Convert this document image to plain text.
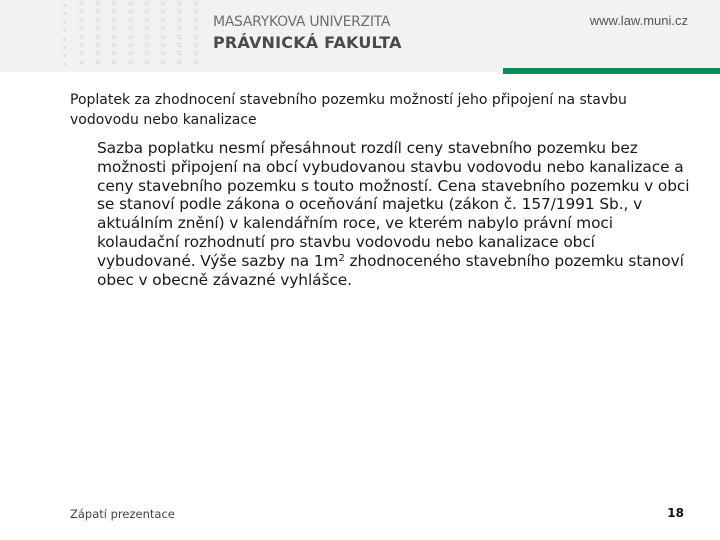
∘ ⸋ ⸋ ⸋ ⸋ ⸋ ⸋ ⸋ ⸋
∘ ⸋ ⸋ ⸋ ⸋ ⸋ ⸋ ⸋ ⸋
∘ ⸋ ⸋ ⸋ ⸋ ⸋ ⸋ ⸋ ⸋
∘ ⸋ ⸋ ⸋ ⸋ ⸋ ⸋ ⸋ ⸋
∘ ⸋ ⸋ ⸋ ⸋ ⸋ ⸋ ⸋ ⸋
∘ ⸋ ⸋ ⸋ ⸋ ⸋ ⸋ ⸋ ⸋
∘ ⸋ ⸋ ⸋ ⸋ ⸋ ⸋ ⸋ ⸋
∘ ⸋ ⸋ ⸋ ⸋ ⸋ ⸋ ⸋ ⸋
MASARYKOVA UNIVERZITA
PRÁVNICKÁ FAKULTA
www.law.muni.cz
Poplatek za zhodnocení stavebního pozemku možností jeho připojení na stavbu vodovodu nebo kanalizace
Sazba poplatku nesmí přesáhnout rozdíl ceny stavebního pozemku bez možnosti připojení na obcí vybudovanou stavbu vodovodu nebo kanalizace a ceny stavebního pozemku s touto možností. Cena stavebního pozemku v obci se stanoví podle zákona o oceňování majetku (zákon č. 157/1991 Sb., v aktuálním znění) v kalendářním roce, ve kterém nabylo právní moci kolaudační rozhodnutí pro stavbu vodovodu nebo kanalizace obcí vybudované. Výše sazby na $1m^2$ zhodnoceného stavebního pozemku stanoví obec v obecně závazné vyhlášce.
Zápatí prezentace	18
